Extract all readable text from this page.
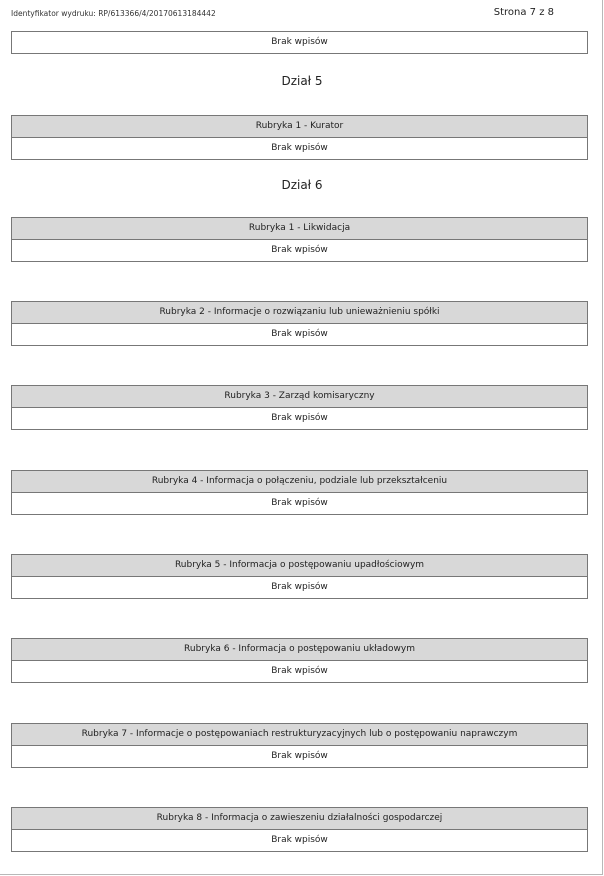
Identyfikator wydruku: RP/613366/4/20170613184442	Strona 7 z 8
Brak wpisów
Dział 5
Rubryka 1 - Kurator
Brak wpisów
Dział 6
Rubryka 1 - Likwidacja
Brak wpisów
Rubryka 2 - Informacje o rozwiązaniu lub unieważnieniu spółki
Brak wpisów
Rubryka 3 - Zarząd komisaryczny
Brak wpisów
Rubryka 4 - Informacja o połączeniu, podziale lub przekształceniu
Brak wpisów
Rubryka 5 - Informacja o postępowaniu upadłościowym
Brak wpisów
Rubryka 6 - Informacja o postępowaniu układowym
Brak wpisów
Rubryka 7 - Informacje o postępowaniach restrukturyzacyjnych lub o postępowaniu naprawczym
Brak wpisów
Rubryka 8 - Informacja o zawieszeniu działalności gospodarczej
Brak wpisów
